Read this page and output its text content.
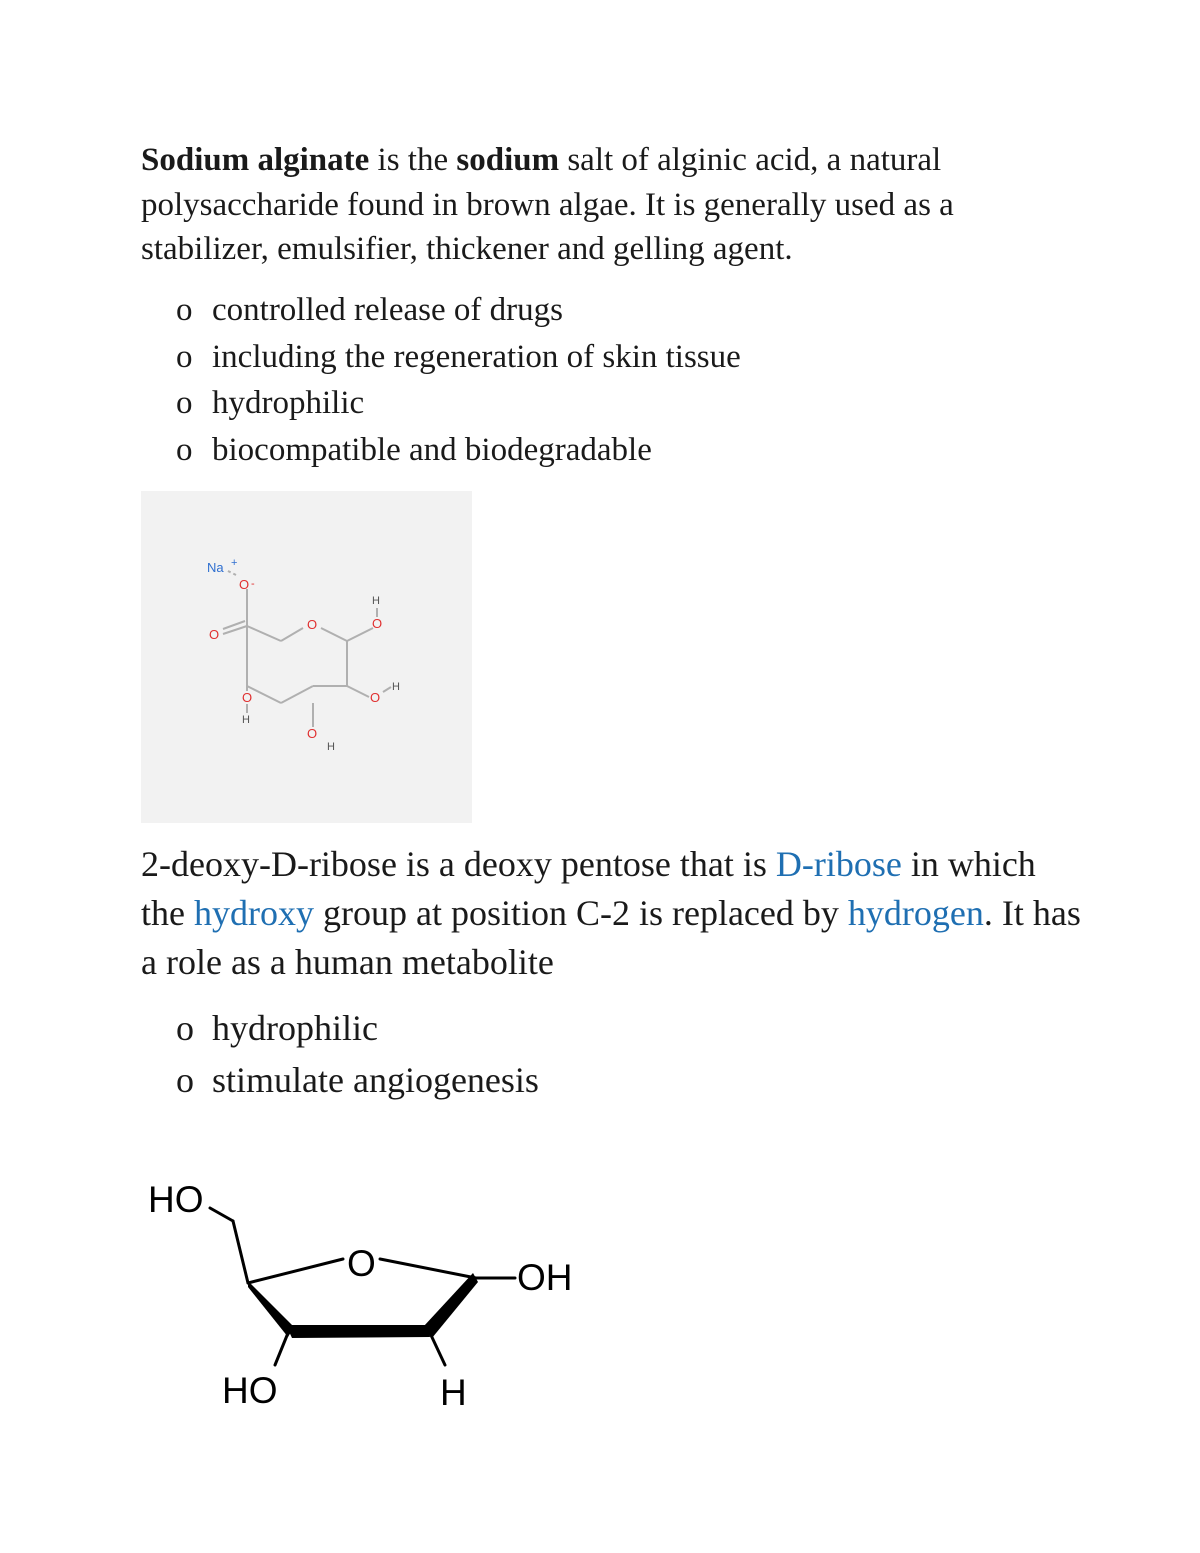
Sodium alginate is the sodium salt of alginic acid, a natural polysaccharide found in brown algae. It is generally used as a stabilizer, emulsifier, thickener and gelling agent.

o controlled release of drugs
o including the regeneration of skin tissue
o hydrophilic
o biocompatible and biodegradable
Na +
O -
O
O
H
O
O
H
O
H
O
H

2-deoxy-D-ribose is a deoxy pentose that is D-ribose in which the hydroxy group at position C-2 is replaced by hydrogen. It has a role as a human metabolite

o hydrophilic
o stimulate angiogenesis
HO
O	OH
HO	H
